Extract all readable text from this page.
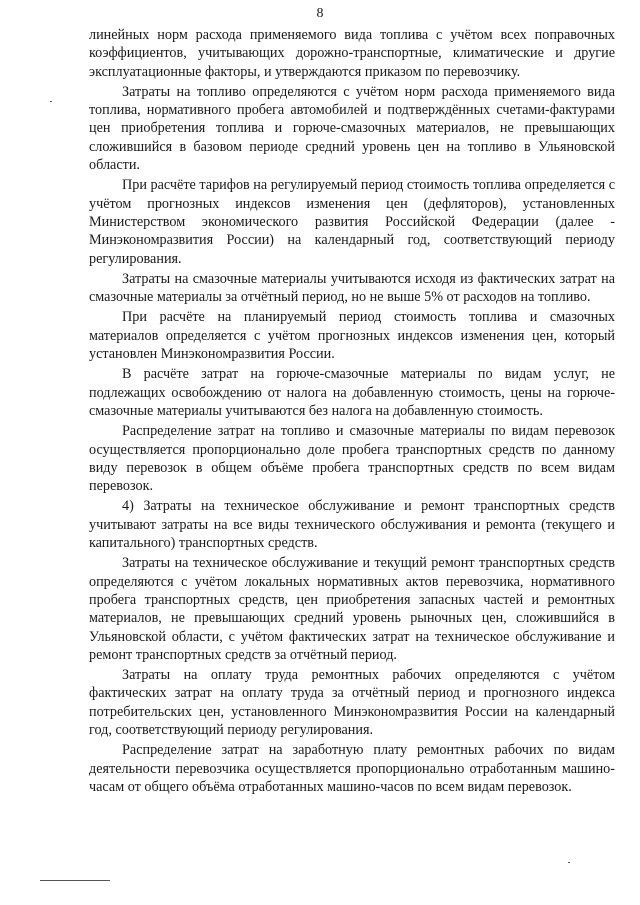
8

линейных норм расхода применяемого вида топлива с учётом всех поправочных коэффициентов, учитывающих дорожно-транспортные, климатические и другие эксплуатационные факторы, и утверждаются приказом по перевозчику.

Затраты на топливо определяются с учётом норм расхода применяемого вида топлива, нормативного пробега автомобилей и подтверждённых счетами-фактурами цен приобретения топлива и горюче-смазочных материалов, не превышающих сложившийся в базовом периоде средний уровень цен на топливо в Ульяновской области.

При расчёте тарифов на регулируемый период стоимость топлива определяется с учётом прогнозных индексов изменения цен (дефляторов), установленных Министерством экономического развития Российской Федерации (далее - Минэкономразвития России) на календарный год, соответствующий периоду регулирования.

Затраты на смазочные материалы учитываются исходя из фактических затрат на смазочные материалы за отчётный период, но не выше 5% от расходов на топливо.

При расчёте на планируемый период стоимость топлива и смазочных материалов определяется с учётом прогнозных индексов изменения цен, который установлен Минэкономразвития России.

В расчёте затрат на горюче-смазочные материалы по видам услуг, не подлежащих освобождению от налога на добавленную стоимость, цены на горюче-смазочные материалы учитываются без налога на добавленную стоимость.

Распределение затрат на топливо и смазочные материалы по видам перевозок осуществляется пропорционально доле пробега транспортных средств по данному виду перевозок в общем объёме пробега транспортных средств по всем видам перевозок.

4) Затраты на техническое обслуживание и ремонт транспортных средств учитывают затраты на все виды технического обслуживания и ремонта (текущего и капитального) транспортных средств.

Затраты на техническое обслуживание и текущий ремонт транспортных средств определяются с учётом локальных нормативных актов перевозчика, нормативного пробега транспортных средств, цен приобретения запасных частей и ремонтных материалов, не превышающих средний уровень рыночных цен, сложившийся в Ульяновской области, с учётом фактических затрат на техническое обслуживание и ремонт транспортных средств за отчётный период.

Затраты на оплату труда ремонтных рабочих определяются с учётом фактических затрат на оплату труда за отчётный период и прогнозного индекса потребительских цен, установленного Минэкономразвития России на календарный год, соответствующий периоду регулирования.

Распределение затрат на заработную плату ремонтных рабочих по видам деятельности перевозчика осуществляется пропорционально отработанным машино-часам от общего объёма отработанных машино-часов по всем видам перевозок.
